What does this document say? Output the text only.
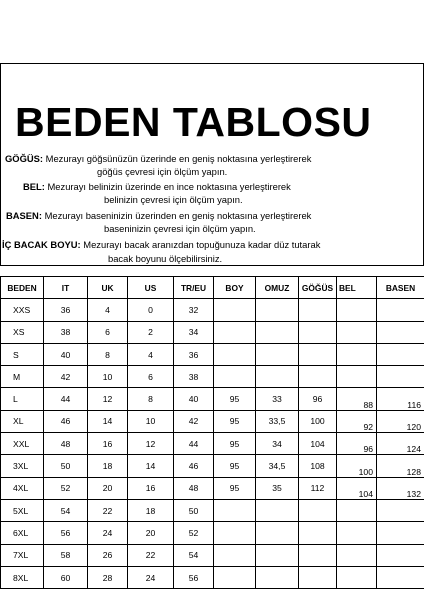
BEDEN TABLOSU
GÖĞÜS: Mezurayı göğsünüzün üzerinde en geniş noktasına yerleştirerek
göğüs çevresi için ölçüm yapın.
BEL: Mezurayı belinizin üzerinde en ince noktasına yerleştirerek
belinizin çevresi için ölçüm yapın.
BASEN: Mezurayı baseninizin üzerinden en geniş noktasına yerleştirerek
baseninizin çevresi için ölçüm yapın.
İÇ BACAK BOYU: Mezurayı bacak aranızdan topuğunuza kadar düz tutarak
bacak boyunu ölçebilirsiniz.
BEDEN	IT	UK	US	TR/EU	BOY	OMUZ	GÖĞÜS	BEL	BASEN
XXS	36	4	0	32					
XS	38	6	2	34					
S	40	8	4	36					
M	42	10	6	38					
L	44	12	8	40	95	33	96	88	116
XL	46	14	10	42	95	33,5	100	92	120
XXL	48	16	12	44	95	34	104	96	124
3XL	50	18	14	46	95	34,5	108	100	128
4XL	52	20	16	48	95	35	112	104	132
5XL	54	22	18	50					
6XL	56	24	20	52					
7XL	58	26	22	54					
8XL	60	28	24	56					
